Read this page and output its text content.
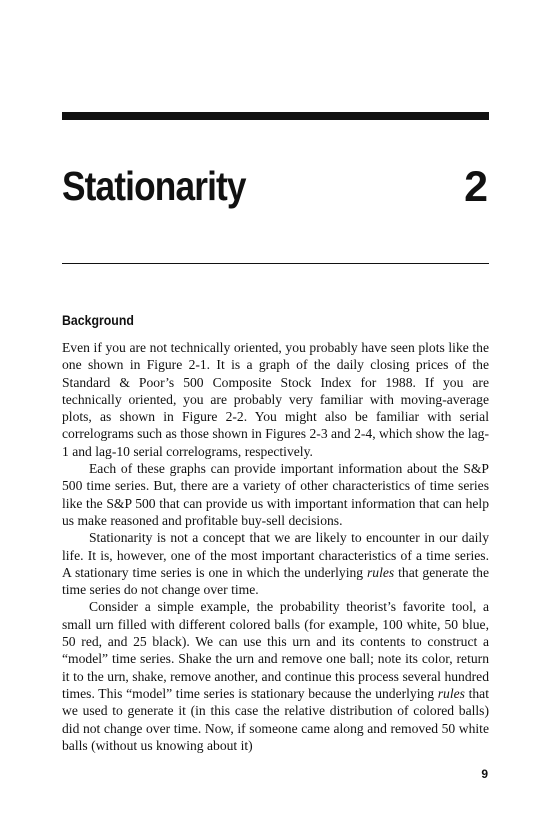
Stationarity	2
Background

Even if you are not technically oriented, you probably have seen plots like the one shown in Figure 2-1. It is a graph of the daily closing prices of the Standard & Poor’s 500 Composite Stock Index for 1988. If you are technically oriented, you are probably very familiar with moving-average plots, as shown in Figure 2-2. You might also be familiar with serial correlograms such as those shown in Figures 2-3 and 2-4, which show the lag-1 and lag-10 serial correlograms, respectively.

Each of these graphs can provide important information about the S&P 500 time series. But, there are a variety of other characteristics of time series like the S&P 500 that can provide us with important information that can help us make reasoned and profitable buy-sell decisions.

Stationarity is not a concept that we are likely to encounter in our daily life. It is, however, one of the most important characteristics of a time series. A stationary time series is one in which the underlying rules that generate the time series do not change over time.

Consider a simple example, the probability theorist’s favorite tool, a small urn filled with different colored balls (for example, 100 white, 50 blue, 50 red, and 25 black). We can use this urn and its contents to construct a “model” time series. Shake the urn and remove one ball; note its color, return it to the urn, shake, remove another, and continue this process several hundred times. This “model” time series is stationary because the underlying rules that we used to generate it (in this case the relative distribution of colored balls) did not change over time. Now, if someone came along and removed 50 white balls (without us knowing about it)

9
